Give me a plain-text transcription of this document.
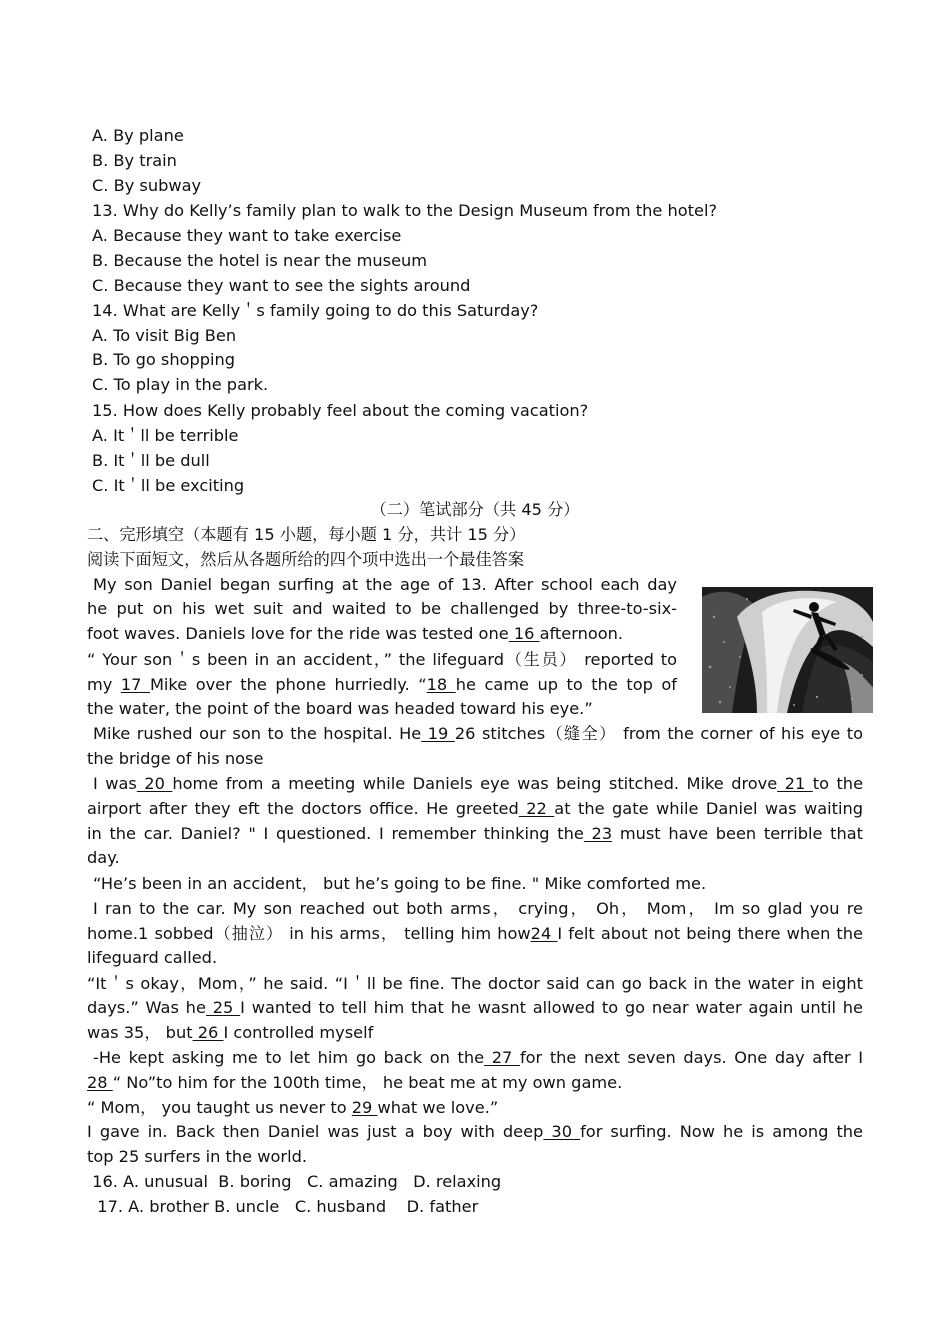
A. By plane
B. By train
C. By subway
13. Why do Kelly’s family plan to walk to the Design Museum from the hotel?
A. Because they want to take exercise
B. Because the hotel is near the museum
C. Because they want to see the sights around
14. What are Kelly＇s family going to do this Saturday?
A. To visit Big Ben
B. To go shopping
C. To play in the park.
15. How does Kelly probably feel about the coming vacation?
A. It＇ll be terrible
B. It＇ll be dull
C. It＇ll be exciting
（二）笔试部分（共 45 分）
二、完形填空（本题有 15 小题，每小题 1 分，共计 15 分）
阅读下面短文，然后从各题所给的四个项中选出一个最佳答案
My son Daniel began surfing at the age of 13. After school each day
he put on his wet suit and waited to be challenged by three-to-six-
foot waves. Daniels love for the ride was tested one 16 afternoon.
“ Your son＇s been in an accident，” the lifeguard（生员） reported to
my 17 Mike over the phone hurriedly. “18 he came up to the top of
the water, the point of the board was headed toward his eye.”
Mike rushed our son to the hospital. He 19 26 stitches（缝全） from the corner of his eye to
the bridge of his nose
I was 20 home from a meeting while Daniels eye was being stitched. Mike drove 21 to the
airport after they eft the doctors office. He greeted 22 at the gate while Daniel was waiting
in the car. Daniel? " I questioned. I remember thinking the 23 must have been terrible that
day.
“He’s been in an accident， but he’s going to be fine. " Mike comforted me.
I ran to the car. My son reached out both arms， crying， Oh， Mom， Im so glad you re
home.1 sobbed（抽泣） in his arms， telling him how24 I felt about not being there when the
lifeguard called.
“It＇s okay，Mom，” he said. “I＇ll be fine. The doctor said can go back in the water in eight
days.” Was he 25 I wanted to tell him that he wasnt allowed to go near water again until he
was 35， but 26 I controlled myself
-He kept asking me to let him go back on the 27 for the next seven days. One day after I
28 “ No”to him for the 100th time， he beat me at my own game.
“ Mom， you taught us never to 29 what we love.”
I gave in. Back then Daniel was just a boy with deep 30 for surfing. Now he is among the
top 25 surfers in the world.
16. A. unusual  B. boring   C. amazing   D. relaxing
17. A. brother B. uncle   C. husband    D. father
